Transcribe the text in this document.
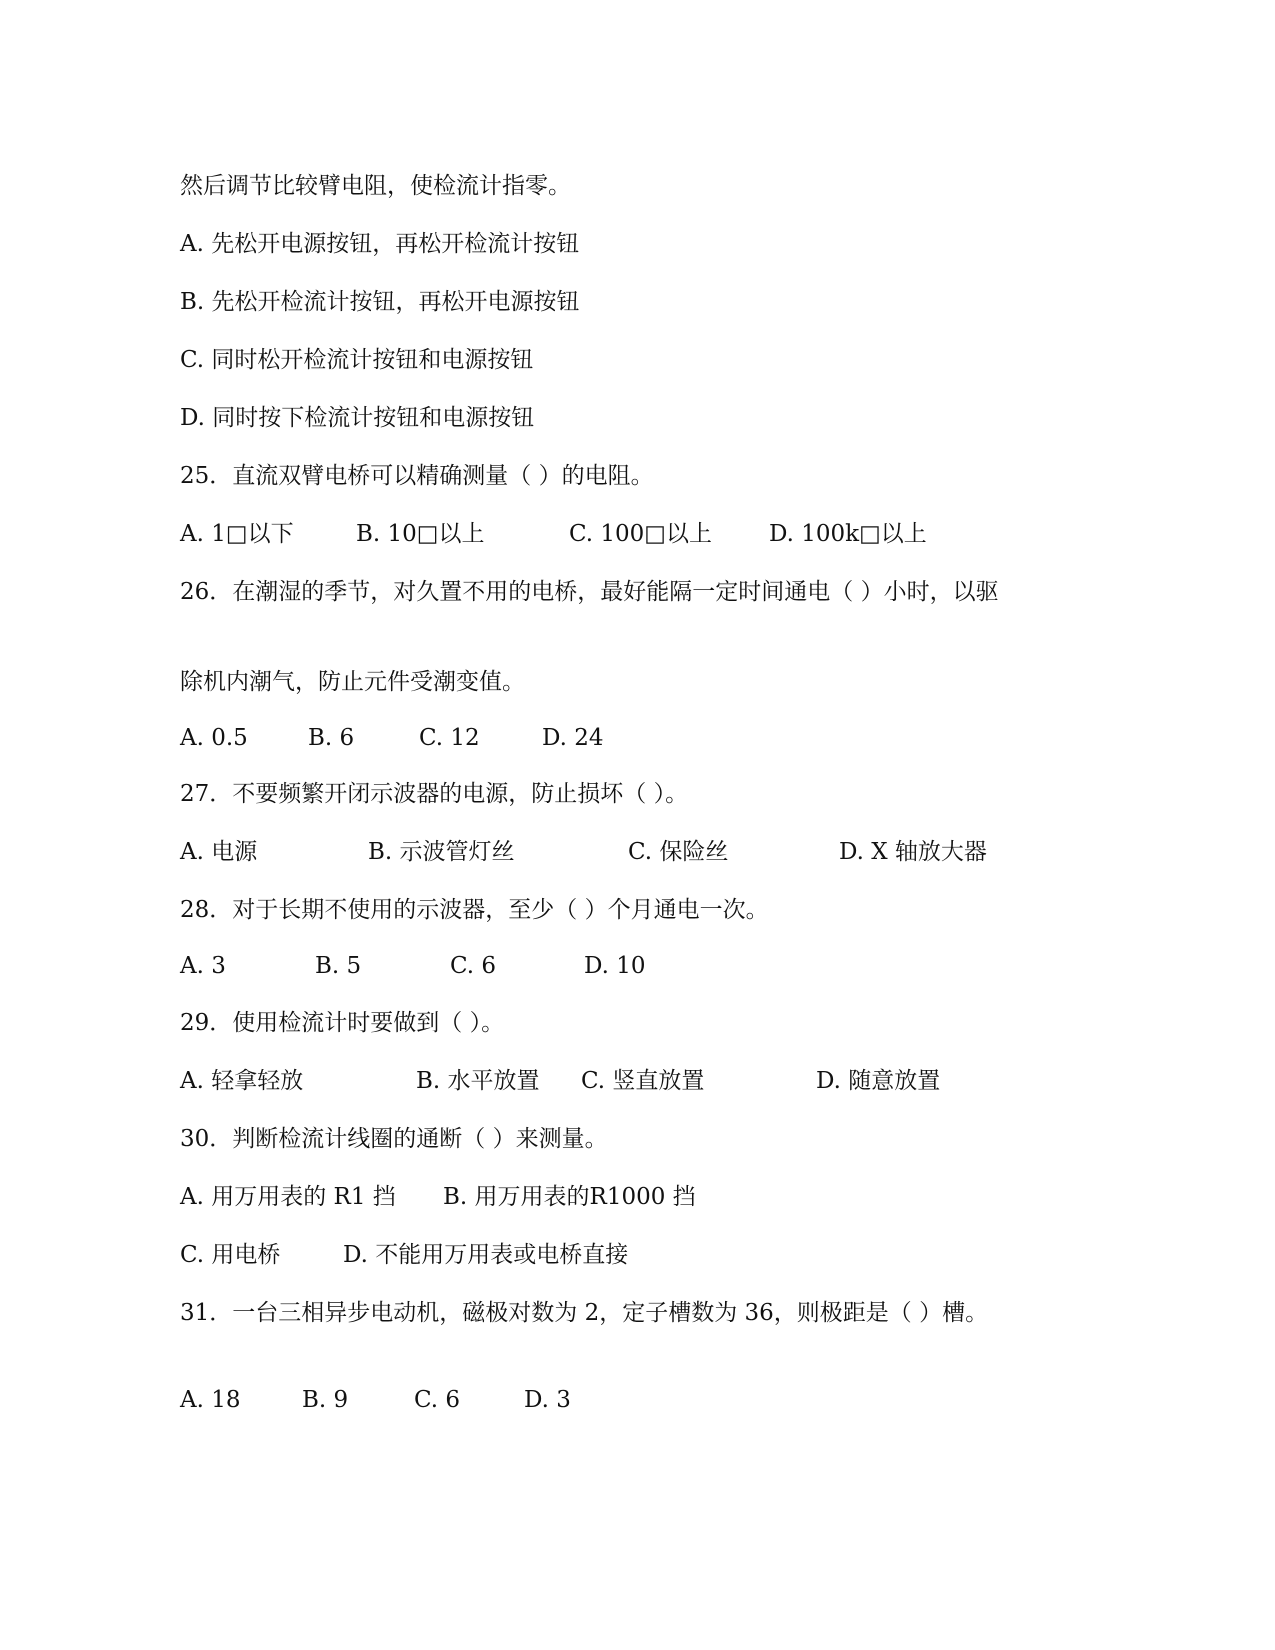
然后调节比较臂电阻，使检流计指零。
A. 先松开电源按钮，再松开检流计按钮
B. 先松开检流计按钮，再松开电源按钮
C. 同时松开检流计按钮和电源按钮
D. 同时按下检流计按钮和电源按钮
25．直流双臂电桥可以精确测量（ ）的电阻。
A. 1□以下	B. 10□以上	C. 100□以上 D. 100k□以上
26．在潮湿的季节，对久置不用的电桥，最好能隔一定时间通电（ ）小时，以驱
除机内潮气，防止元件受潮变值。
A. 0.5	B. 6	C. 12	D. 24
27．不要频繁开闭示波器的电源，防止损坏（ ）。
A. 电源	B. 示波管灯丝	C. 保险丝	D. X 轴放大器
28．对于长期不使用的示波器，至少（ ）个月通电一次。
A. 3	B. 5	C. 6	D. 10
29．使用检流计时要做到（ ）。
A. 轻拿轻放	B. 水平放置 C. 竖直放置	D. 随意放置
30．判断检流计线圈的通断（ ）来测量。
A. 用万用表的 R1 挡 B. 用万用表的R1000 挡
C. 用电桥	D. 不能用万用表或电桥直接
31．一台三相异步电动机，磁极对数为 2，定子槽数为 36，则极距是（ ）槽。
A. 18	B. 9	C. 6	D. 3
